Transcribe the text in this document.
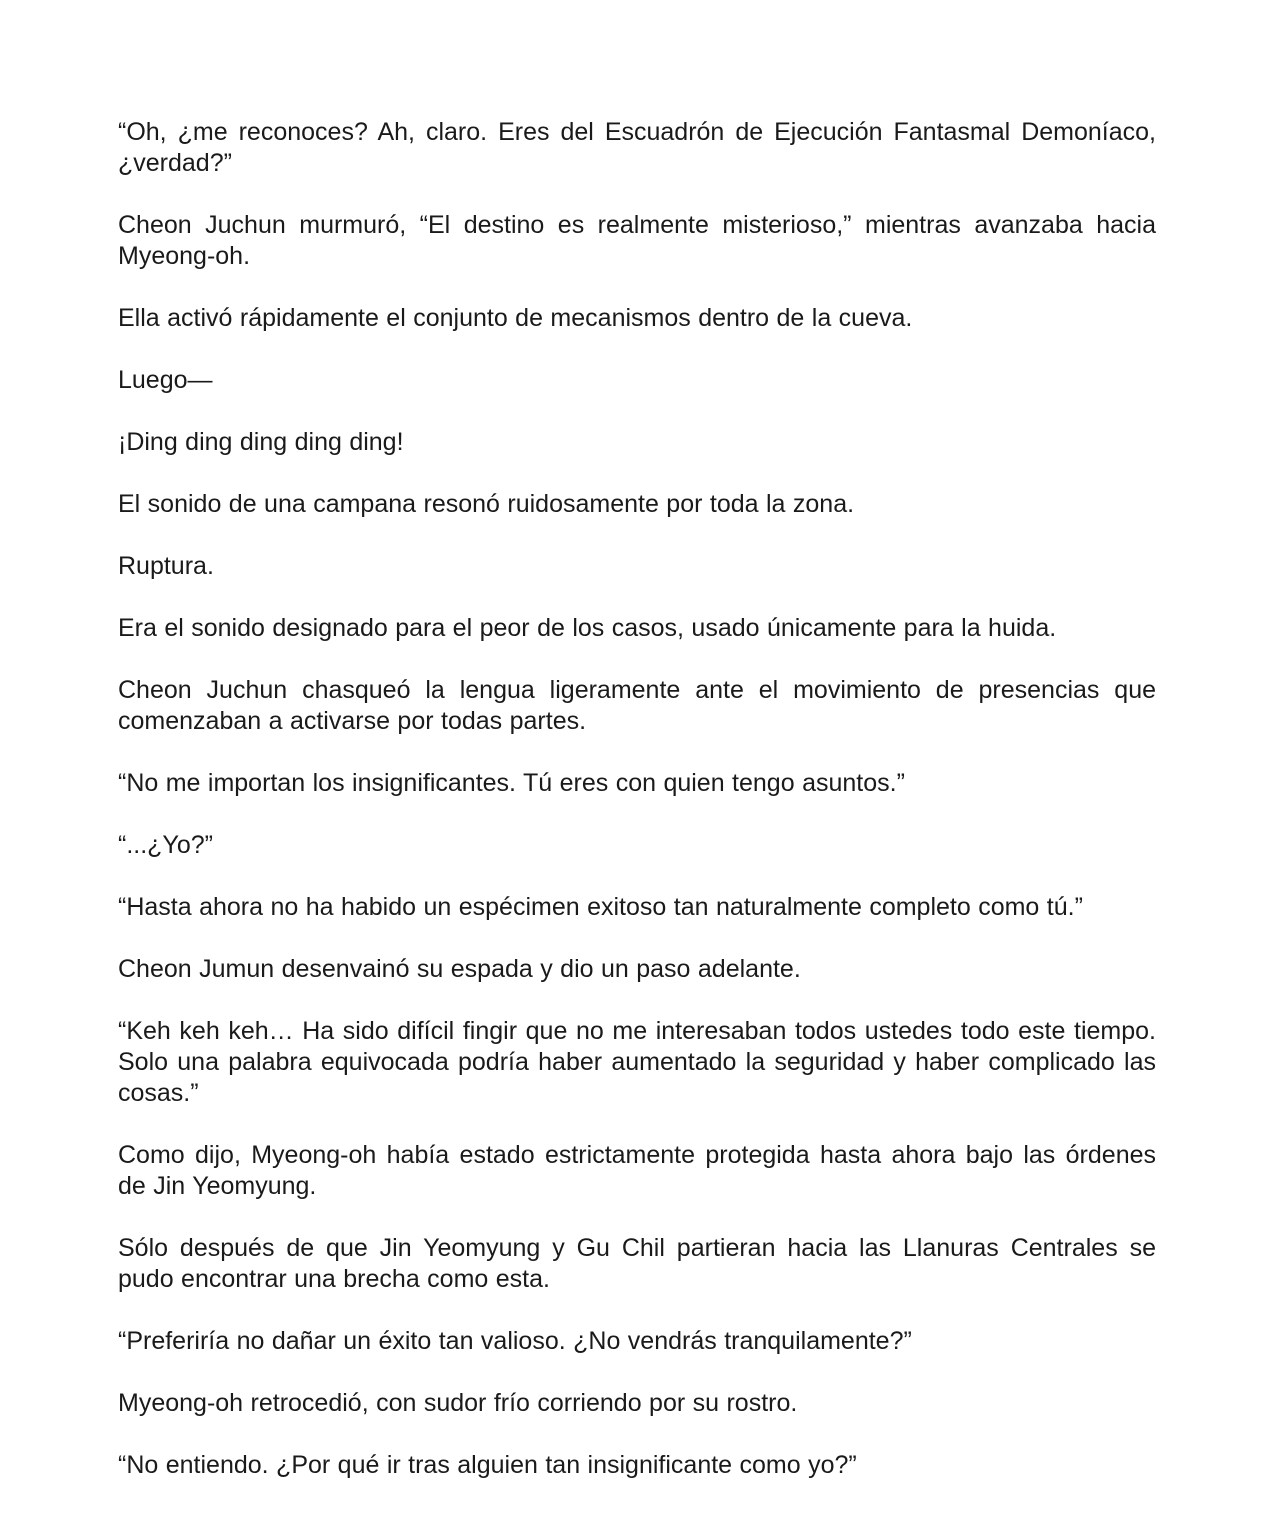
“Oh, ¿me reconoces? Ah, claro. Eres del Escuadrón de Ejecución Fantasmal Demoníaco, ¿verdad?”

Cheon Juchun murmuró, “El destino es realmente misterioso,” mientras avanzaba hacia Myeong-oh.

Ella activó rápidamente el conjunto de mecanismos dentro de la cueva.

Luego—

¡Ding ding ding ding ding!

El sonido de una campana resonó ruidosamente por toda la zona.

Ruptura.

Era el sonido designado para el peor de los casos, usado únicamente para la huida.

Cheon Juchun chasqueó la lengua ligeramente ante el movimiento de presencias que comenzaban a activarse por todas partes.

“No me importan los insignificantes. Tú eres con quien tengo asuntos.”

“...¿Yo?”

“Hasta ahora no ha habido un espécimen exitoso tan naturalmente completo como tú.”

Cheon Jumun desenvainó su espada y dio un paso adelante.

“Keh keh keh… Ha sido difícil fingir que no me interesaban todos ustedes todo este tiempo. Solo una palabra equivocada podría haber aumentado la seguridad y haber complicado las cosas.”

Como dijo, Myeong-oh había estado estrictamente protegida hasta ahora bajo las órdenes de Jin Yeomyung.

Sólo después de que Jin Yeomyung y Gu Chil partieran hacia las Llanuras Centrales se pudo encontrar una brecha como esta.

“Preferiría no dañar un éxito tan valioso. ¿No vendrás tranquilamente?”

Myeong-oh retrocedió, con sudor frío corriendo por su rostro.

“No entiendo. ¿Por qué ir tras alguien tan insignificante como yo?”
